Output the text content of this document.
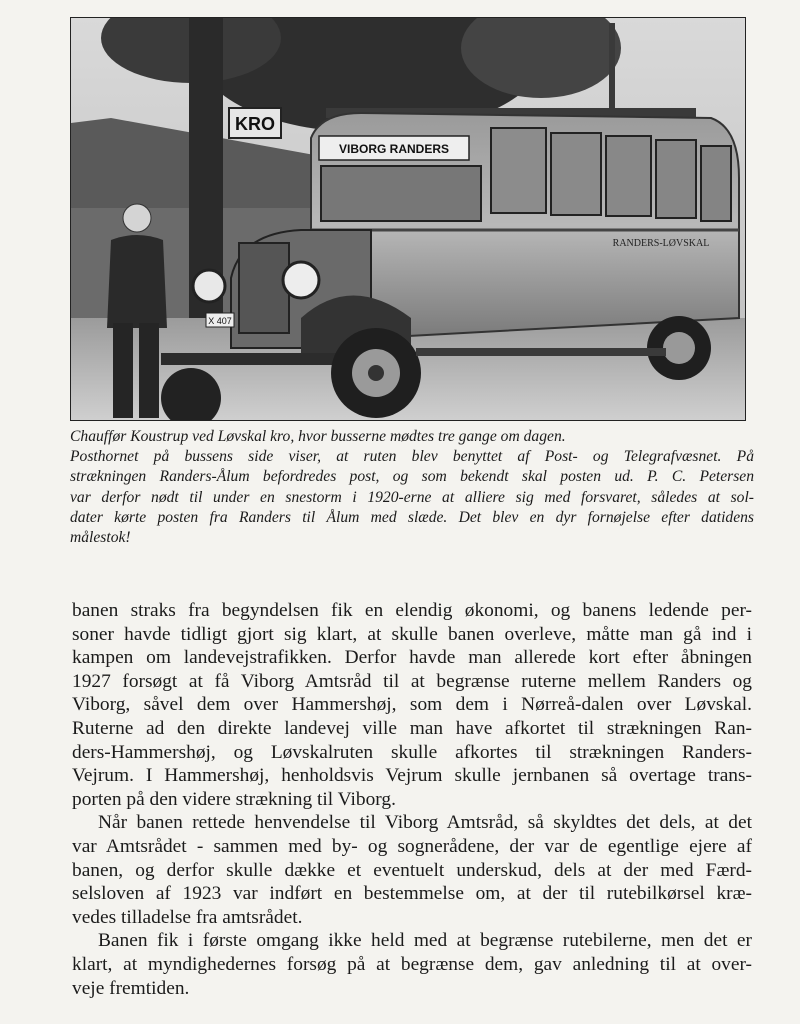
KRO
VIBORG RANDERS
RANDERS-LØVSKAL
X 407
Chauffør Koustrup ved Løvskal kro, hvor busserne mødtes tre gange om dagen.
Posthornet på bussens side viser, at ruten blev benyttet af Post- og Telegrafvæsnet. På
strækningen Randers-Ålum befordredes post, og som bekendt skal posten ud. P. C. Petersen
var derfor nødt til under en snestorm i 1920-erne at alliere sig med forsvaret, således at sol-
dater kørte posten fra Randers til Ålum med slæde. Det blev en dyr fornøjelse efter datidens
målestok!
banen straks fra begyndelsen fik en elendig økonomi, og banens ledende per-
soner havde tidligt gjort sig klart, at skulle banen overleve, måtte man gå ind i
kampen om landevejstrafikken. Derfor havde man allerede kort efter åbningen
1927 forsøgt at få Viborg Amtsråd til at begrænse ruterne mellem Randers og
Viborg, såvel dem over Hammershøj, som dem i Nørreå-dalen over Løvskal.
Ruterne ad den direkte landevej ville man have afkortet til strækningen Ran-
ders-Hammershøj, og Løvskalruten skulle afkortes til strækningen Randers-
Vejrum. I Hammershøj, henholdsvis Vejrum skulle jernbanen så overtage trans-
porten på den videre strækning til Viborg.
Når banen rettede henvendelse til Viborg Amtsråd, så skyldtes det dels, at det
var Amtsrådet - sammen med by- og sognerådene, der var de egentlige ejere af
banen, og derfor skulle dække et eventuelt underskud, dels at der med Færd-
selsloven af 1923 var indført en bestemmelse om, at der til rutebilkørsel kræ-
vedes tilladelse fra amtsrådet.
Banen fik i første omgang ikke held med at begrænse rutebilerne, men det er
klart, at myndighedernes forsøg på at begrænse dem, gav anledning til at over-
veje fremtiden.
